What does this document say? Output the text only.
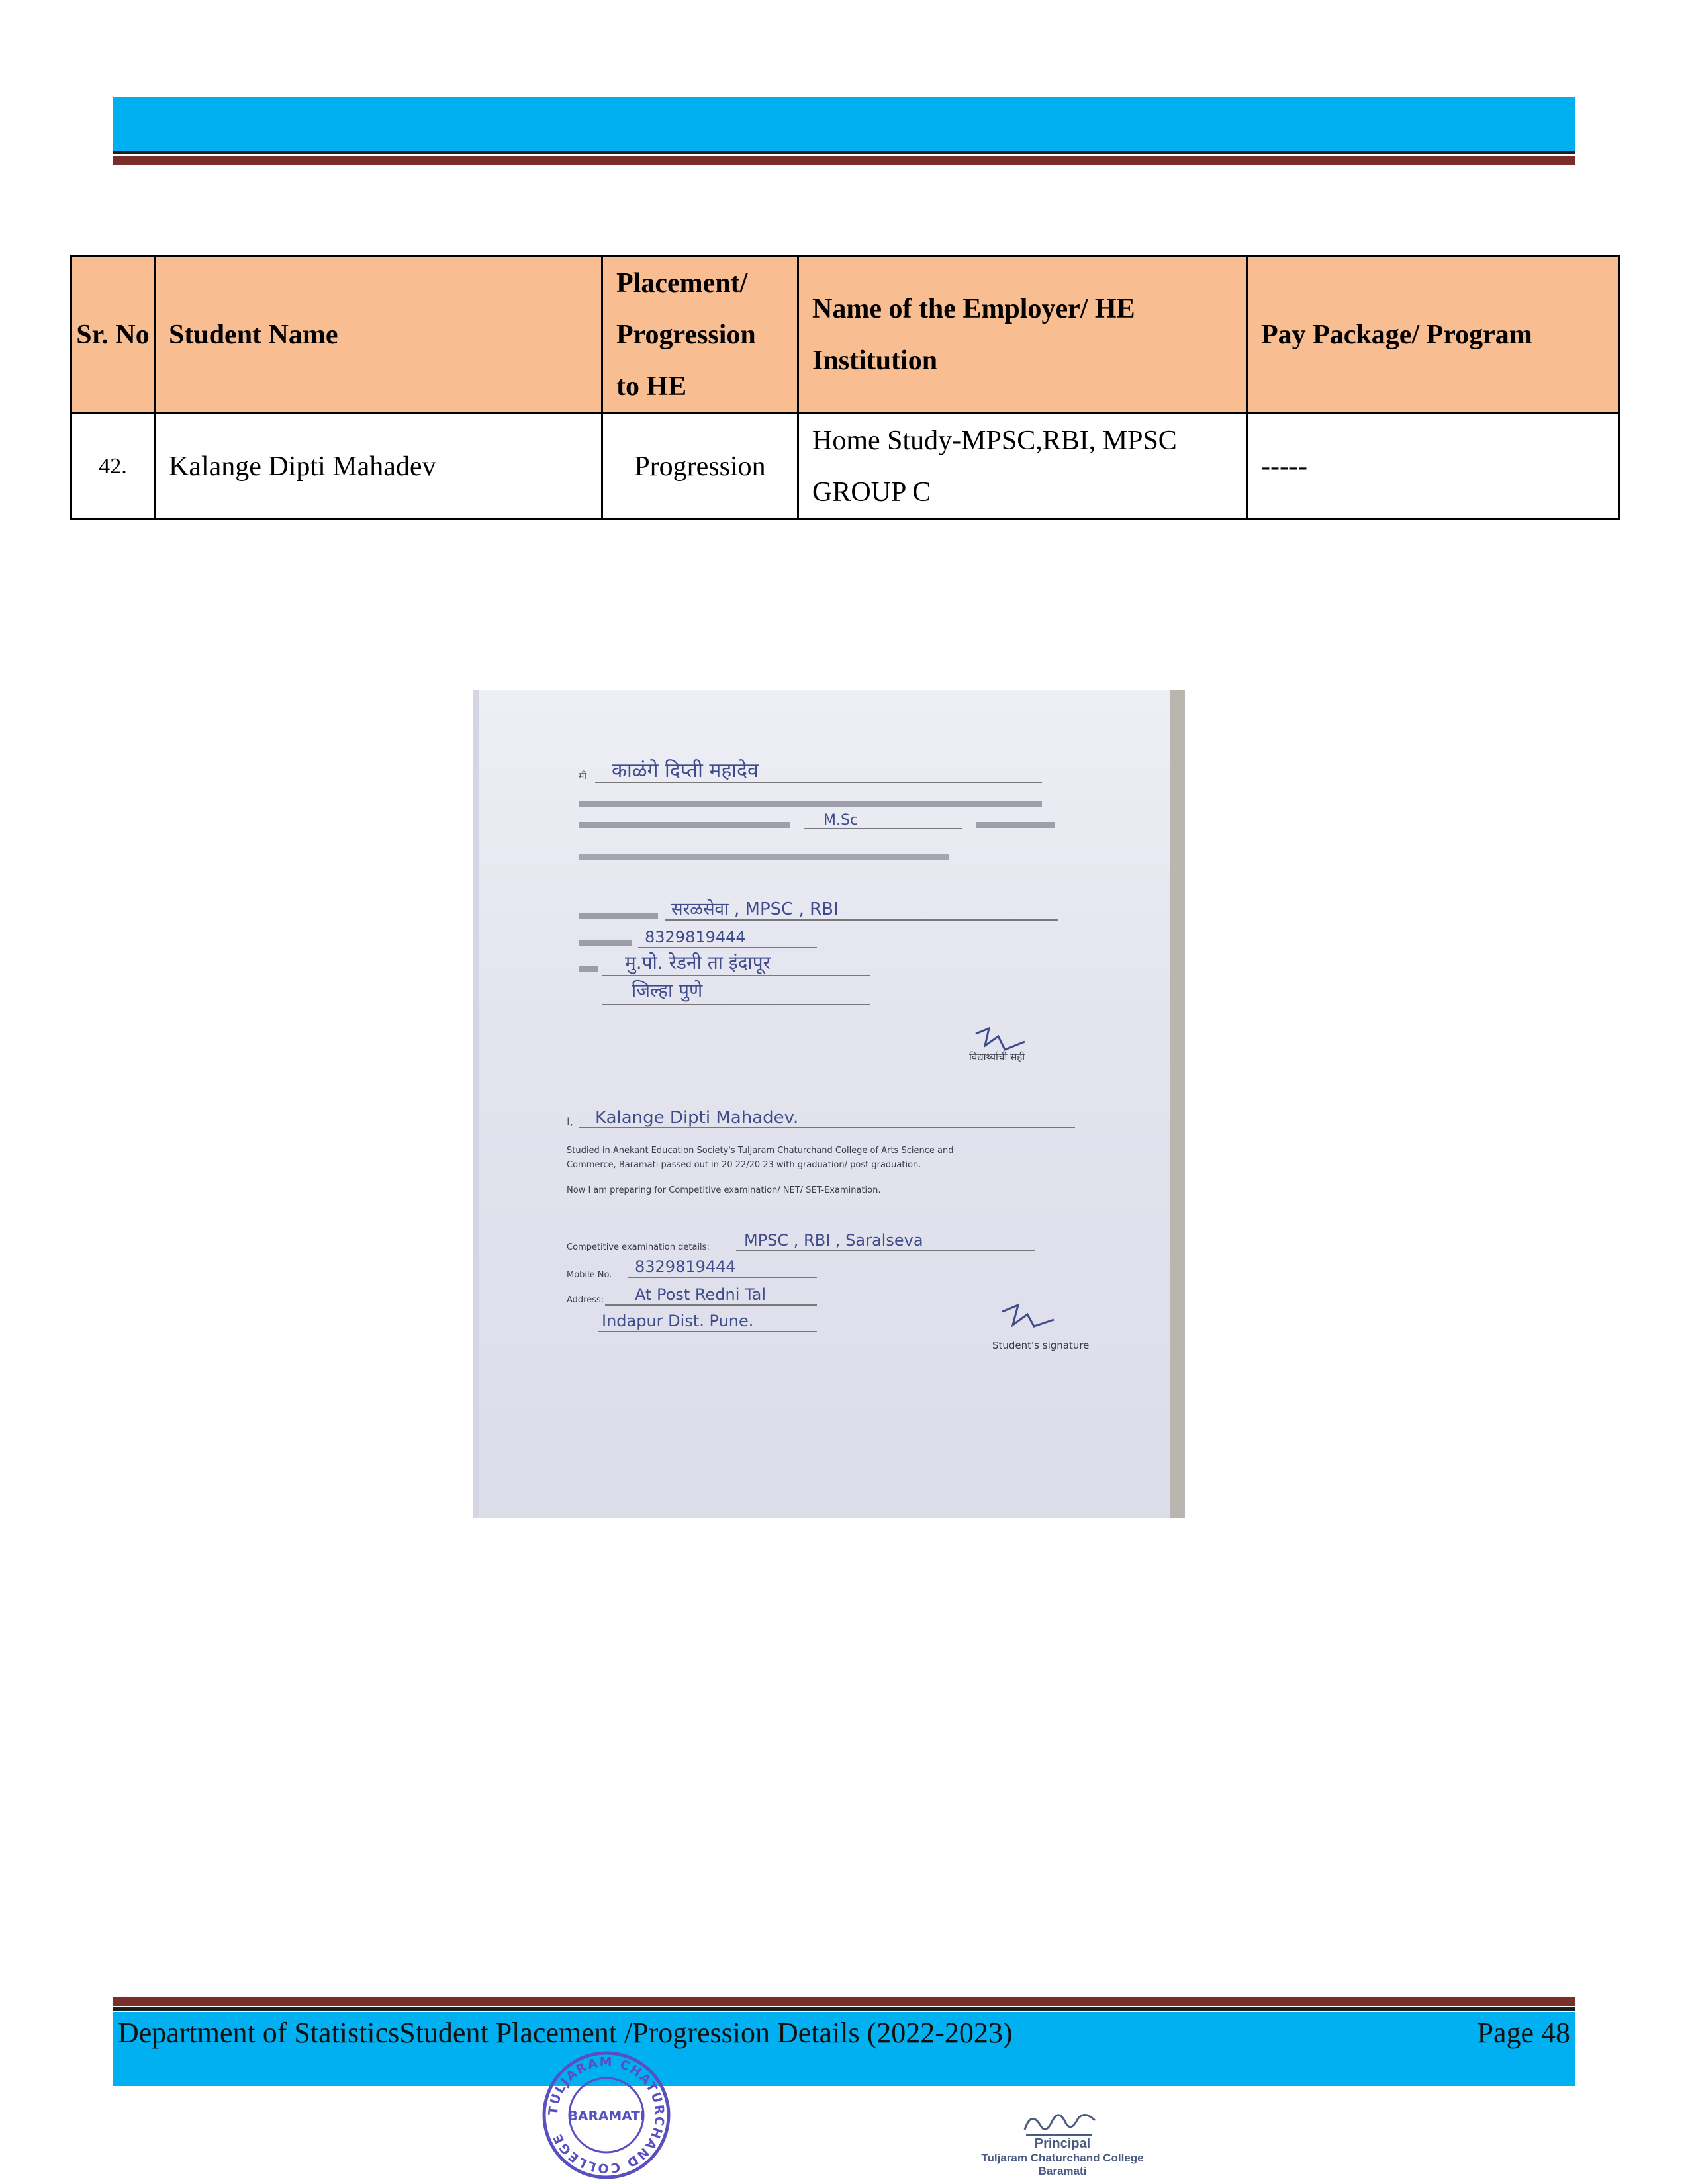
Sr. No	Student Name	Placement/ Progression to HE	Name of the Employer/ HE Institution	Pay Package/ Program
42.	Kalange Dipti Mahadev	Progression	Home Study-MPSC,RBI, MPSC GROUP C	-----
मी काळंगे दिप्ती महादेव
M.Sc
सरळसेवा , MPSC , RBI
8329819444
मु.पो. रेडनी ता इंदापूर
जिल्हा पुणे
विद्यार्थ्याची सही
I, Kalange Dipti Mahadev.
Studied in Anekant Education Society's Tuljaram Chaturchand College of Arts Science and
Commerce, Baramati passed out in 20 22/20 23 with graduation/ post graduation.
Now I am preparing for Competitive examination/ NET/ SET-Examination.
Competitive examination details: MPSC , RBI , Saralseva
Mobile No. 8329819444
Address: At Post Redni Tal
Indapur Dist. Pune.
Student's signature
Department of StatisticsStudent Placement /Progression Details (2022-2023)	Page 48
TULJARAM CHATURCHAND COLLEGE
BARAMATI
Principal
Tuljaram Chaturchand College
Baramati
